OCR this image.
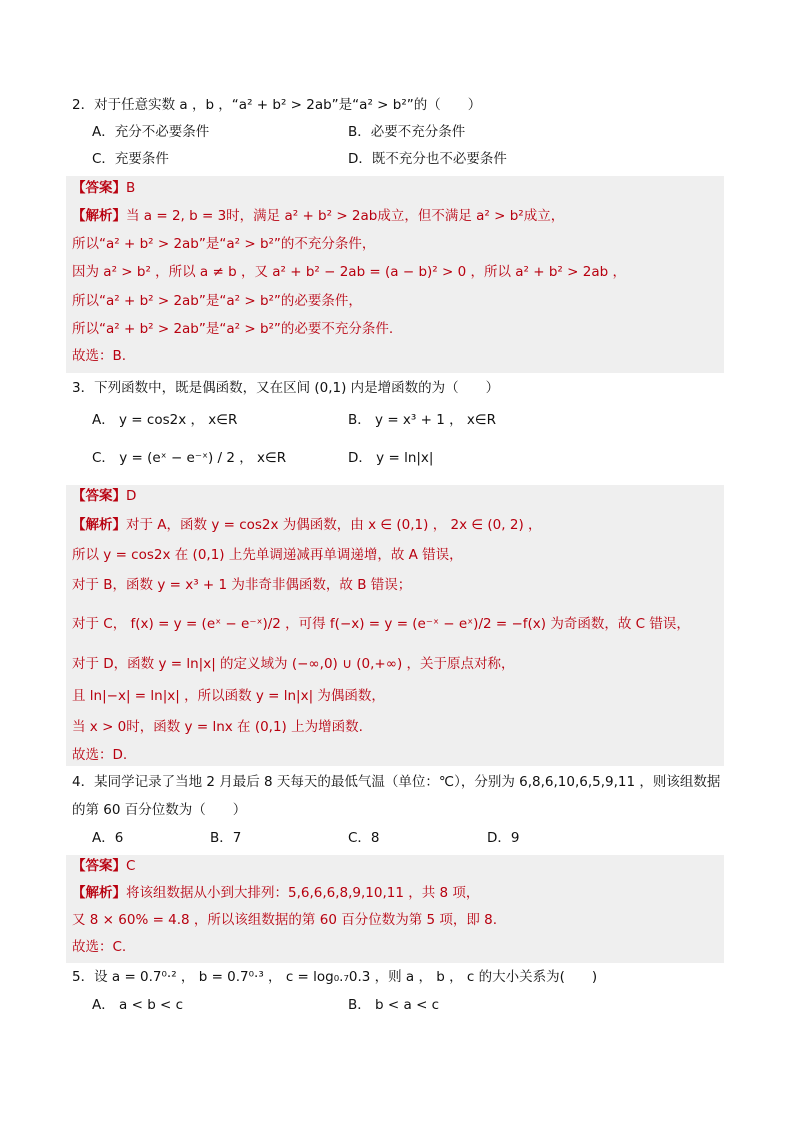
2．对于任意实数 a ，b ，“a² + b² > 2ab”是“a² > b²”的（　　）
A．充分不必要条件	B．必要不充分条件
C．充要条件	D．既不充分也不必要条件
【答案】B
【解析】当 a = 2, b = 3时，满足 a² + b² > 2ab成立，但不满足 a² > b²成立，
所以“a² + b² > 2ab”是“a² > b²”的不充分条件，
因为 a² > b² ，所以 a ≠ b ，又 a² + b² − 2ab = (a − b)² > 0 ，所以 a² + b² > 2ab ，
所以“a² + b² > 2ab”是“a² > b²”的必要条件，
所以“a² + b² > 2ab”是“a² > b²”的必要不充分条件.
故选：B.
3．下列函数中，既是偶函数，又在区间 (0,1) 内是增函数的为（　　）
A． y = cos2x ， x∈R	B． y = x³ + 1 ， x∈R
C． y = (eˣ − e⁻ˣ) / 2 ， x∈R	D． y = ln|x|
【答案】D
【解析】对于 A，函数 y = cos2x 为偶函数，由 x ∈ (0,1) ， 2x ∈ (0, 2) ，
所以 y = cos2x 在 (0,1) 上先单调递减再单调递增，故 A 错误，
对于 B，函数 y = x³ + 1 为非奇非偶函数，故 B 错误；
对于 C， f(x) = y = (eˣ − e⁻ˣ)/2 ，可得 f(−x) = y = (e⁻ˣ − eˣ)/2 = −f(x) 为奇函数，故 C 错误，
对于 D，函数 y = ln|x| 的定义域为 (−∞,0) ∪ (0,+∞) ，关于原点对称，
且 ln|−x| = ln|x| ，所以函数 y = ln|x| 为偶函数，
当 x > 0时，函数 y = lnx 在 (0,1) 上为增函数.
故选：D.
4．某同学记录了当地 2 月最后 8 天每天的最低气温（单位：℃），分别为 6,8,6,10,6,5,9,11 ，则该组数据
的第 60 百分位数为（　　）
A．6	B．7	C．8	D．9
【答案】C
【解析】将该组数据从小到大排列：5,6,6,6,8,9,10,11 ，共 8 项，
又 8 × 60% = 4.8 ，所以该组数据的第 60 百分位数为第 5 项，即 8.
故选：C.
5．设 a = 0.7⁰·² ， b = 0.7⁰·³ ， c = log₀.₇0.3 ，则 a ， b ， c 的大小关系为(　　)
A． a < b < c	B． b < a < c
